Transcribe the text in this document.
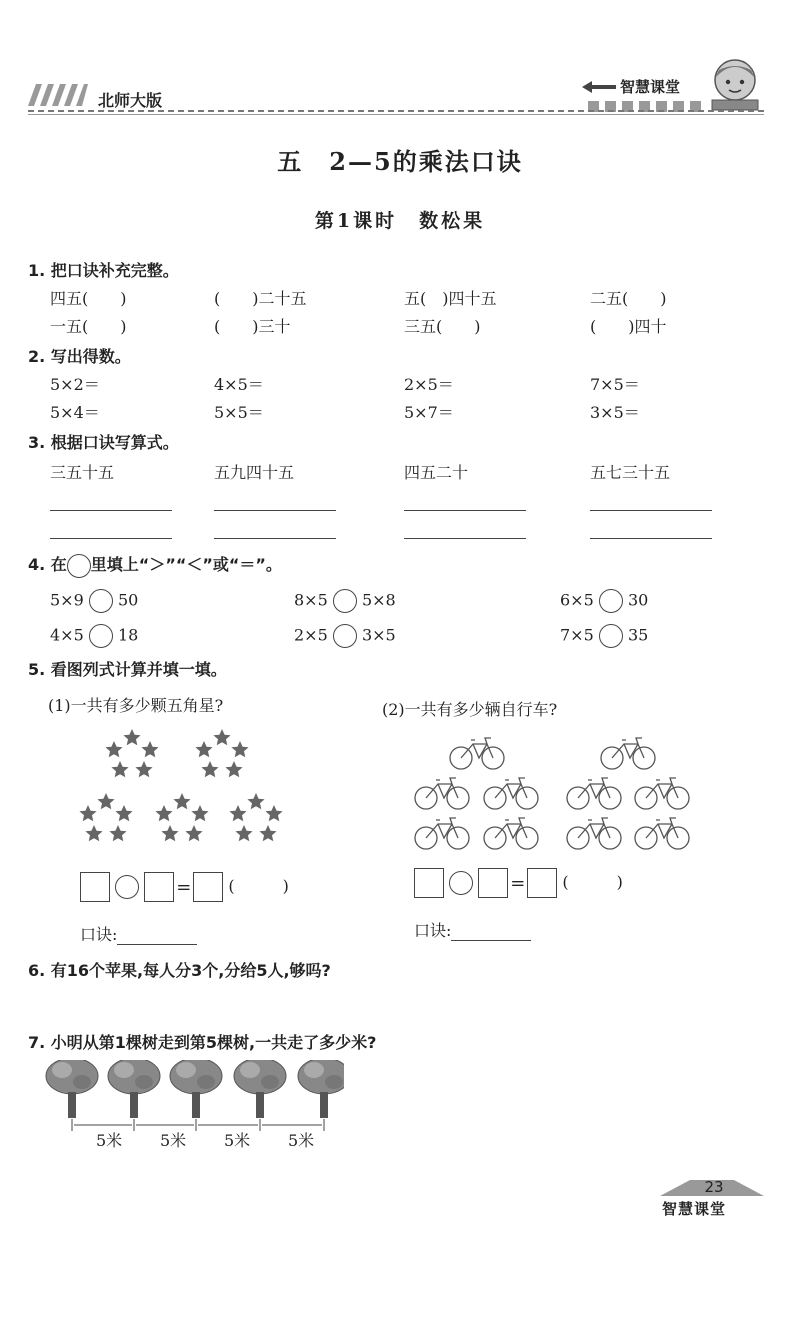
北师大版
智慧课堂
五　2—5的乘法口诀
第1课时　数松果
1. 把口诀补充完整。
四五(　　)	(　　)二十五	五(　)四十五	二五(　　)
一五(　　)	(　　)三十	三五(　　)	(　　)四十
2. 写出得数。
5×2＝	4×5＝	2×5＝	7×5＝
5×4＝	5×5＝	5×7＝	3×5＝
3. 根据口诀写算式。
三五十五	五九四十五	四五二十	五七三十五
4. 在 里填上“＞”“＜”或“＝”。
5×9 50	8×5 5×8	6×5 30
4×5 18	2×5 3×5	7×5 35
5. 看图列式计算并填一填。
(1)一共有多少颗五角星?	(2)一共有多少辆自行车?
= (　　　)
口诀:
= (　　　)
口诀:
6. 有16个苹果,每人分3个,分给5人,够吗?
7. 小明从第1棵树走到第5棵树,一共走了多少米?
5米 5米 5米 5米
23
智慧课堂
